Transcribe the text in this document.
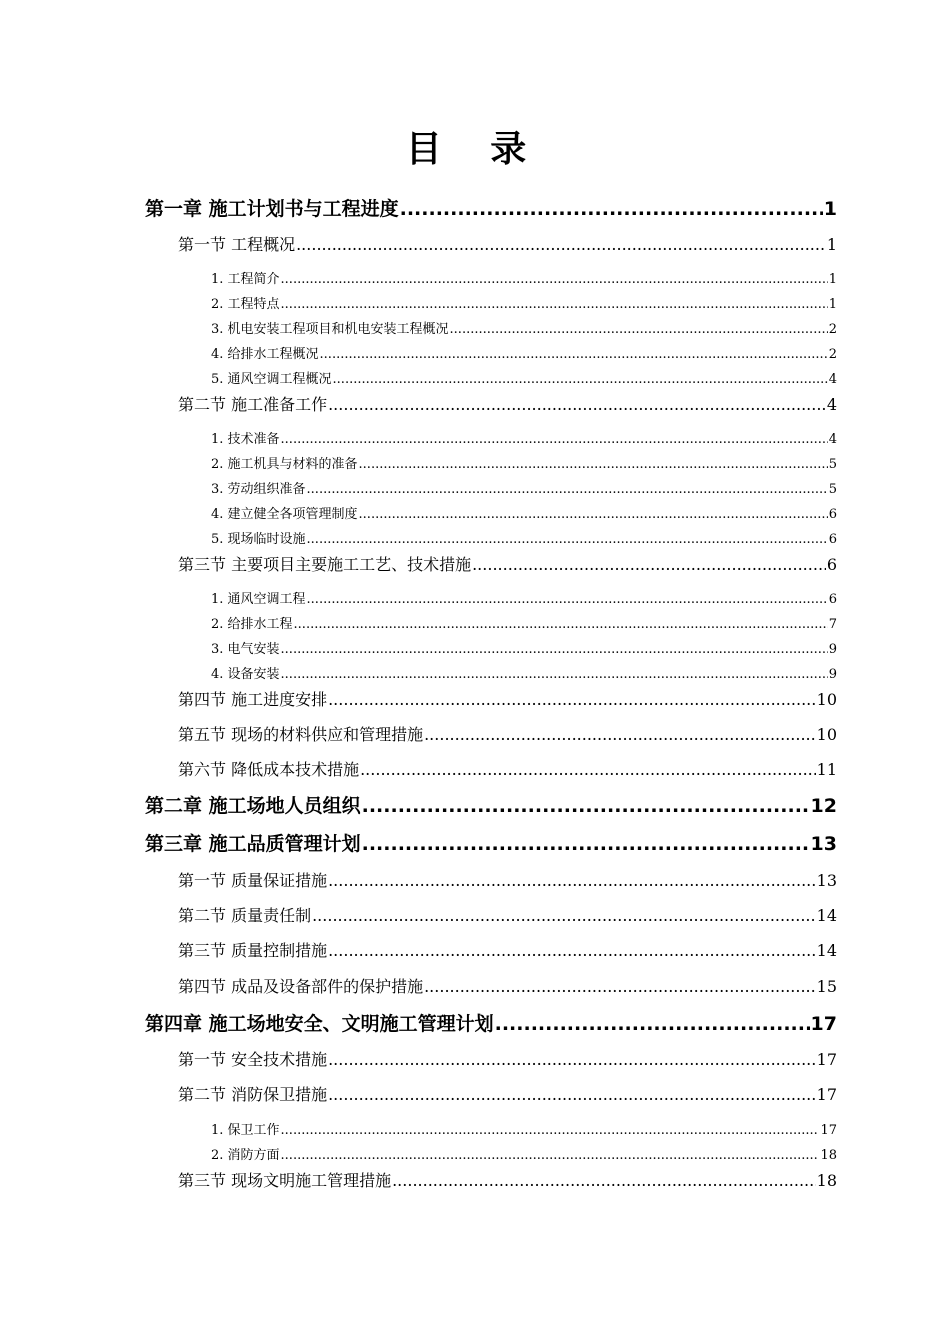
目 录
第一章 施工计划书与工程进度 .....	1
第一节 工程概况 .....	1
1. 工程简介 .....	1
2. 工程特点 .....	1
3. 机电安装工程项目和机电安装工程概况 .....	2
4. 给排水工程概况 .....	2
5. 通风空调工程概况 .....	4
第二节 施工准备工作 .....	4
1. 技术准备 .....	4
2. 施工机具与材料的准备 .....	5
3. 劳动组织准备 .....	5
4. 建立健全各项管理制度 .....	6
5. 现场临时设施 .....	6
第三节 主要项目主要施工工艺、技术措施 .....	6
1. 通风空调工程 .....	6
2. 给排水工程 .....	7
3. 电气安装 .....	9
4. 设备安装 .....	9
第四节 施工进度安排 .....	10
第五节 现场的材料供应和管理措施 .....	10
第六节 降低成本技术措施 .....	11
第二章 施工场地人员组织 .....	12
第三章 施工品质管理计划 .....	13
第一节 质量保证措施 .....	13
第二节 质量责任制 .....	14
第三节 质量控制措施 .....	14
第四节 成品及设备部件的保护措施 .....	15
第四章 施工场地安全、文明施工管理计划 .....	17
第一节 安全技术措施 .....	17
第二节 消防保卫措施 .....	17
1. 保卫工作 .....	17
2. 消防方面 .....	18
第三节 现场文明施工管理措施 .....	18
